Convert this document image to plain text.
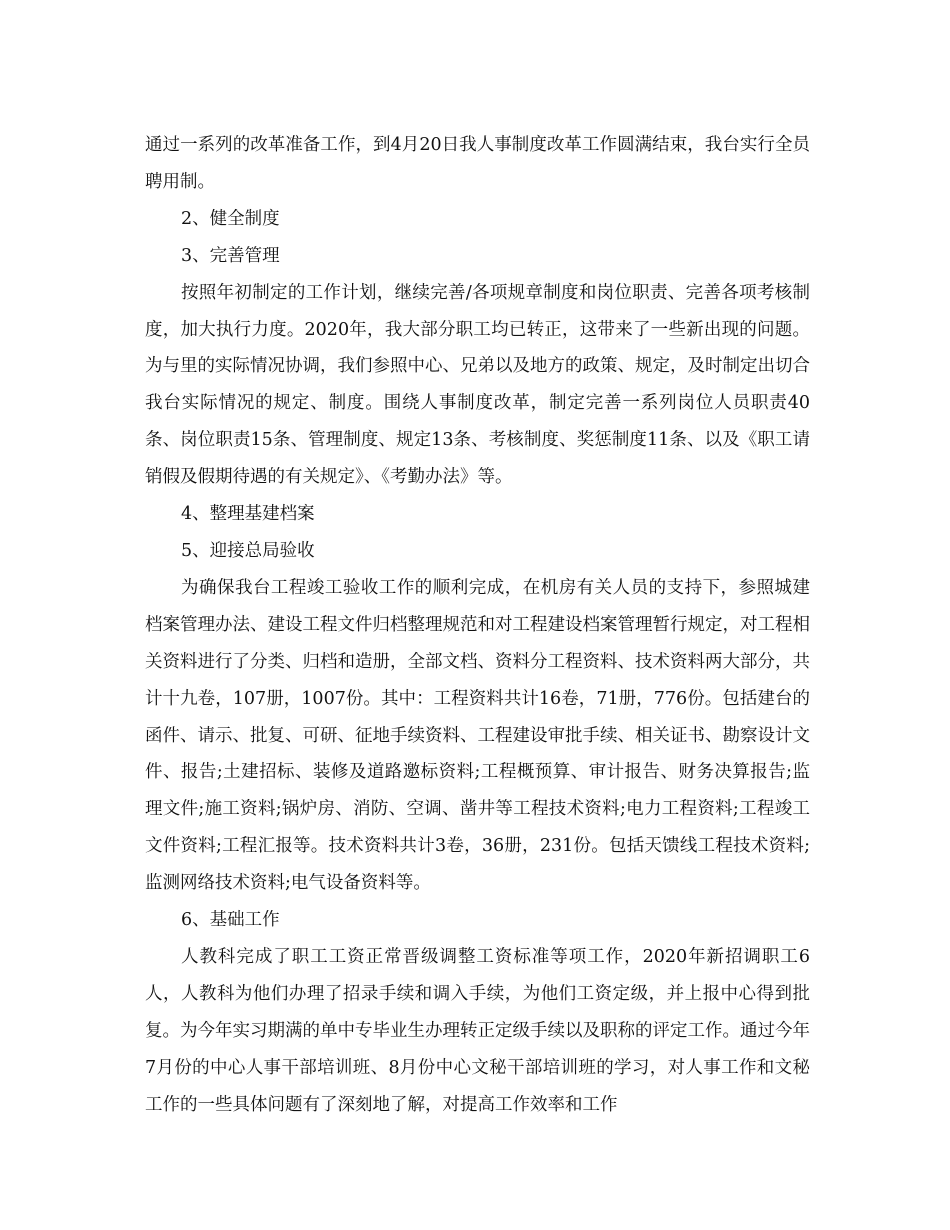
通过一系列的改革准备工作，到4月20日我人事制度改革工作圆满结束，我台实行全员聘用制。

2、健全制度

3、完善管理

按照年初制定的工作计划，继续完善/各项规章制度和岗位职责、完善各项考核制度，加大执行力度。2020年，我大部分职工均已转正，这带来了一些新出现的问题。为与里的实际情况协调，我们参照中心、兄弟以及地方的政策、规定，及时制定出切合我台实际情况的规定、制度。围绕人事制度改革，制定完善一系列岗位人员职责40条、岗位职责15条、管理制度、规定13条、考核制度、奖惩制度11条、以及《职工请销假及假期待遇的有关规定》、《考勤办法》等。

4、整理基建档案

5、迎接总局验收

为确保我台工程竣工验收工作的顺利完成，在机房有关人员的支持下，参照城建档案管理办法、建设工程文件归档整理规范和对工程建设档案管理暂行规定，对工程相关资料进行了分类、归档和造册，全部文档、资料分工程资料、技术资料两大部分，共计十九卷，107册，1007份。其中：工程资料共计16卷，71册，776份。包括建台的函件、请示、批复、可研、征地手续资料、工程建设审批手续、相关证书、勘察设计文件、报告;土建招标、装修及道路邀标资料;工程概预算、审计报告、财务决算报告;监理文件;施工资料;锅炉房、消防、空调、凿井等工程技术资料;电力工程资料;工程竣工文件资料;工程汇报等。技术资料共计3卷，36册，231份。包括天馈线工程技术资料;监测网络技术资料;电气设备资料等。

6、基础工作

人教科完成了职工工资正常晋级调整工资标准等项工作，2020年新招调职工6人，人教科为他们办理了招录手续和调入手续，为他们工资定级，并上报中心得到批复。为今年实习期满的单中专毕业生办理转正定级手续以及职称的评定工作。通过今年7月份的中心人事干部培训班、8月份中心文秘干部培训班的学习，对人事工作和文秘工作的一些具体问题有了深刻地了解，对提高工作效率和工作
